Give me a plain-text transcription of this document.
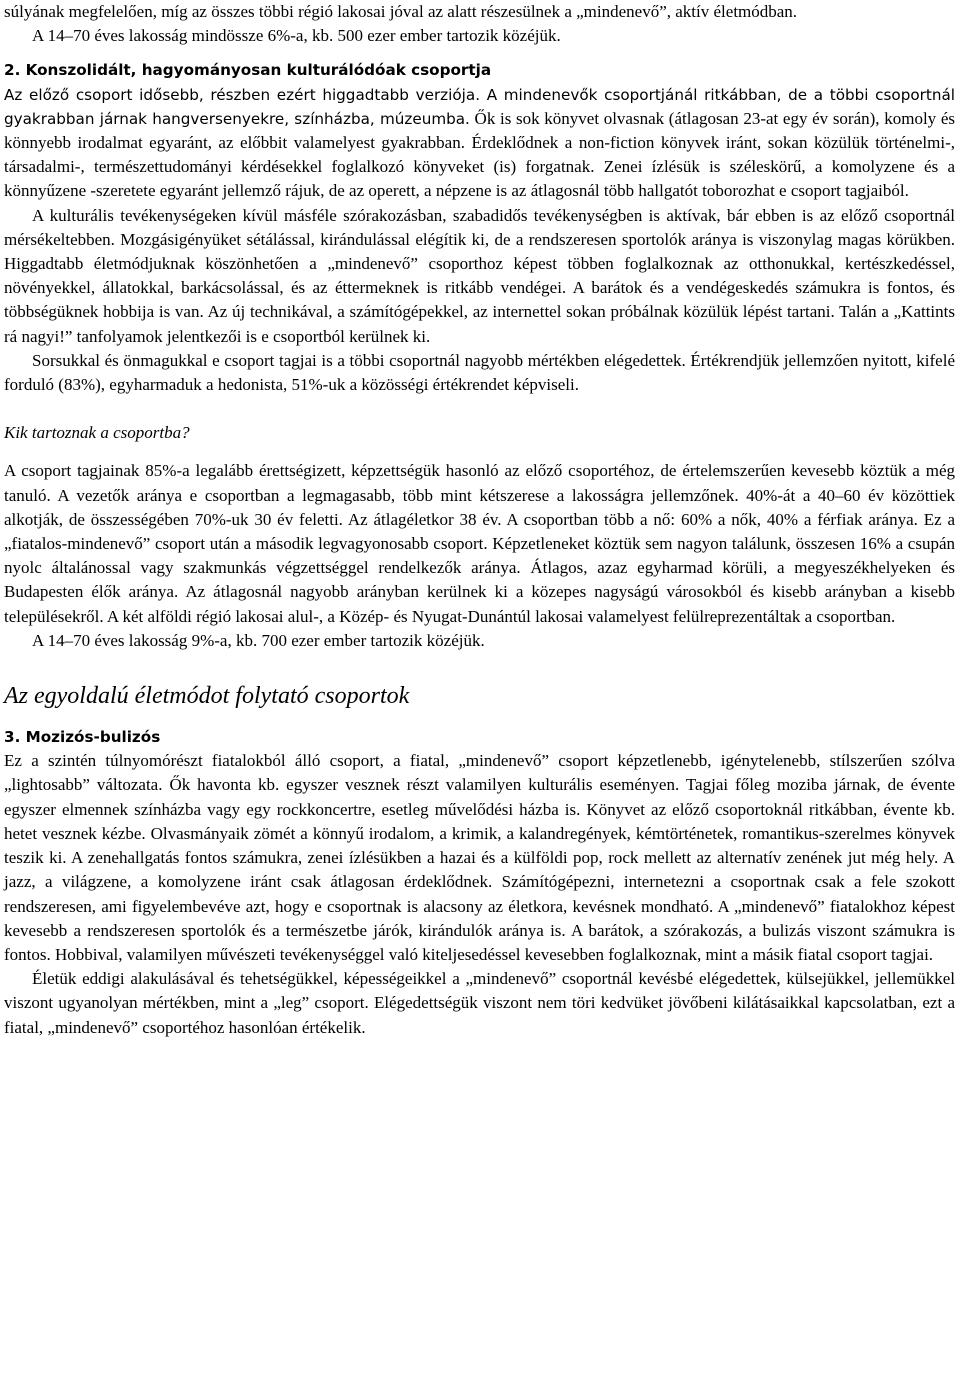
súlyának megfelelően, míg az összes többi régió lakosai jóval az alatt részesülnek a „mindenevő”, aktív életmódban.

A 14–70 éves lakosság mindössze 6%-a, kb. 500 ezer ember tartozik közéjük.

2. Konszolidált, hagyományosan kulturálódóak csoportja

Az előző csoport idősebb, részben ezért higgadtabb verziója. A mindenevők csoportjánál ritkábban, de a többi csoportnál gyakrabban járnak hangversenyekre, színházba, múzeumba. Ők is sok könyvet olvasnak (átlagosan 23-at egy év során), komoly és könnyebb irodalmat egyaránt, az előbbit valamelyest gyakrabban. Érdeklődnek a non-fiction könyvek iránt, sokan közülük történelmi-, társadalmi-, természettudományi kérdésekkel foglalkozó könyveket (is) forgatnak. Zenei ízlésük is széleskörű, a komolyzene és a könnyűzene -szeretete egyaránt jellemző rájuk, de az operett, a népzene is az átlagosnál több hallgatót toborozhat e csoport tagjaiból.

A kulturális tevékenységeken kívül másféle szórakozásban, szabadidős tevékenységben is aktívak, bár ebben is az előző csoportnál mérsékeltebben. Mozgásigényüket sétálással, kirándulással elégítik ki, de a rendszeresen sportolók aránya is viszonylag magas körükben. Higgadtabb életmódjuknak köszönhetően a „mindenevő” csoporthoz képest többen foglalkoznak az otthonukkal, kertészkedéssel, növényekkel, állatokkal, barkácsolással, és az éttermeknek is ritkább vendégei. A barátok és a vendégeskedés számukra is fontos, és többségüknek hobbija is van. Az új technikával, a számítógépekkel, az internettel sokan próbálnak közülük lépést tartani. Talán a „Kattints rá nagyi!” tanfolyamok jelentkezői is e csoportból kerülnek ki.

Sorsukkal és önmagukkal e csoport tagjai is a többi csoportnál nagyobb mértékben elégedettek. Értékrendjük jellemzően nyitott, kifelé forduló (83%), egyharmaduk a hedonista, 51%-uk a közösségi értékrendet képviseli.

Kik tartoznak a csoportba?

A csoport tagjainak 85%-a legalább érettségizett, képzettségük hasonló az előző csoportéhoz, de értelemszerűen kevesebb köztük a még tanuló. A vezetők aránya e csoportban a legmagasabb, több mint kétszerese a lakosságra jellemzőnek. 40%-át a 40–60 év közöttiek alkotják, de összességében 70%-uk 30 év feletti. Az átlagéletkor 38 év. A csoportban több a nő: 60% a nők, 40% a férfiak aránya. Ez a „fiatalos-mindenevő” csoport után a második legvagyonosabb csoport. Képzetleneket köztük sem nagyon találunk, összesen 16% a csupán nyolc általánossal vagy szakmunkás végzettséggel rendelkezők aránya. Átlagos, azaz egyharmad körüli, a megyeszékhelyeken és Budapesten élők aránya. Az átlagosnál nagyobb arányban kerülnek ki a közepes nagyságú városokból és kisebb arányban a kisebb településekről. A két alföldi régió lakosai alul-, a Közép- és Nyugat-Dunántúl lakosai valamelyest felülreprezentáltak a csoportban.

A 14–70 éves lakosság 9%-a, kb. 700 ezer ember tartozik közéjük.

Az egyoldalú életmódot folytató csoportok

3. Mozizós-bulizós

Ez a szintén túlnyomórészt fiatalokból álló csoport, a fiatal, „mindenevő” csoport képzetlenebb, igénytelenebb, stílszerűen szólva „lightosabb” változata. Ők havonta kb. egyszer vesznek részt valamilyen kulturális eseményen. Tagjai főleg moziba járnak, de évente egyszer elmennek színházba vagy egy rockkoncertre, esetleg művelődési házba is. Könyvet az előző csoportoknál ritkábban, évente kb. hetet vesznek kézbe. Olvasmányaik zömét a könnyű irodalom, a krimik, a kalandregények, kémtörténetek, romantikus-szerelmes könyvek teszik ki. A zenehallgatás fontos számukra, zenei ízlésükben a hazai és a külföldi pop, rock mellett az alternatív zenének jut még hely. A jazz, a világzene, a komolyzene iránt csak átlagosan érdeklődnek. Számítógépezni, internetezni a csoportnak csak a fele szokott rendszeresen, ami figyelembevéve azt, hogy e csoportnak is alacsony az életkora, kevésnek mondható. A „mindenevő” fiatalokhoz képest kevesebb a rendszeresen sportolók és a természetbe járók, kirándulók aránya is. A barátok, a szórakozás, a bulizás viszont számukra is fontos. Hobbival, valamilyen művészeti tevékenységgel való kiteljesedéssel kevesebben foglalkoznak, mint a másik fiatal csoport tagjai.

Életük eddigi alakulásával és tehetségükkel, képességeikkel a „mindenevő” csoportnál kevésbé elégedettek, külsejükkel, jellemükkel viszont ugyanolyan mértékben, mint a „leg” csoport. Elégedettségük viszont nem töri kedvüket jövőbeni kilátásaikkal kapcsolatban, ezt a fiatal, „mindenevő” csoportéhoz hasonlóan értékelik.
